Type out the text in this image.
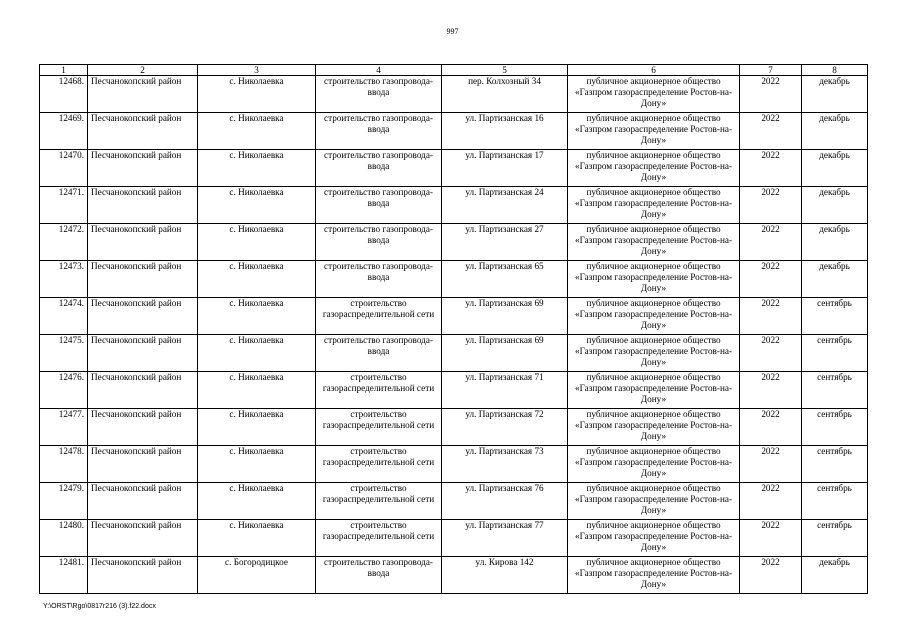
997
1	2	3	4	5	6	7	8
12468.	Песчанокопский район	с. Николаевка	строительство газопровода-ввода	пер. Колхозный 34	публичное акционерное общество «Газпром газораспределение Ростов-на-Дону»	2022	декабрь
12469.	Песчанокопский район	с. Николаевка	строительство газопровода-ввода	ул. Партизанская 16	публичное акционерное общество «Газпром газораспределение Ростов-на-Дону»	2022	декабрь
12470.	Песчанокопский район	с. Николаевка	строительство газопровода-ввода	ул. Партизанская 17	публичное акционерное общество «Газпром газораспределение Ростов-на-Дону»	2022	декабрь
12471.	Песчанокопский район	с. Николаевка	строительство газопровода-ввода	ул. Партизанская 24	публичное акционерное общество «Газпром газораспределение Ростов-на-Дону»	2022	декабрь
12472.	Песчанокопский район	с. Николаевка	строительство газопровода-ввода	ул. Партизанская 27	публичное акционерное общество «Газпром газораспределение Ростов-на-Дону»	2022	декабрь
12473.	Песчанокопский район	с. Николаевка	строительство газопровода-ввода	ул. Партизанская 65	публичное акционерное общество «Газпром газораспределение Ростов-на-Дону»	2022	декабрь
12474.	Песчанокопский район	с. Николаевка	строительство газораспределительной сети	ул. Партизанская 69	публичное акционерное общество «Газпром газораспределение Ростов-на-Дону»	2022	сентябрь
12475.	Песчанокопский район	с. Николаевка	строительство газопровода-ввода	ул. Партизанская 69	публичное акционерное общество «Газпром газораспределение Ростов-на-Дону»	2022	сентябрь
12476.	Песчанокопский район	с. Николаевка	строительство газораспределительной сети	ул. Партизанская 71	публичное акционерное общество «Газпром газораспределение Ростов-на-Дону»	2022	сентябрь
12477.	Песчанокопский район	с. Николаевка	строительство газораспределительной сети	ул. Партизанская 72	публичное акционерное общество «Газпром газораспределение Ростов-на-Дону»	2022	сентябрь
12478.	Песчанокопский район	с. Николаевка	строительство газораспределительной сети	ул. Партизанская 73	публичное акционерное общество «Газпром газораспределение Ростов-на-Дону»	2022	сентябрь
12479.	Песчанокопский район	с. Николаевка	строительство газораспределительной сети	ул. Партизанская 76	публичное акционерное общество «Газпром газораспределение Ростов-на-Дону»	2022	сентябрь
12480.	Песчанокопский район	с. Николаевка	строительство газораспределительной сети	ул. Партизанская 77	публичное акционерное общество «Газпром газораспределение Ростов-на-Дону»	2022	сентябрь
12481.	Песчанокопский район	с. Богородицкое	строительство газопровода-ввода	ул. Кирова 142	публичное акционерное общество «Газпром газораспределение Ростов-на-Дону»	2022	декабрь
Y:\ORST\Rgo\0817r216 (3).f22.docx
